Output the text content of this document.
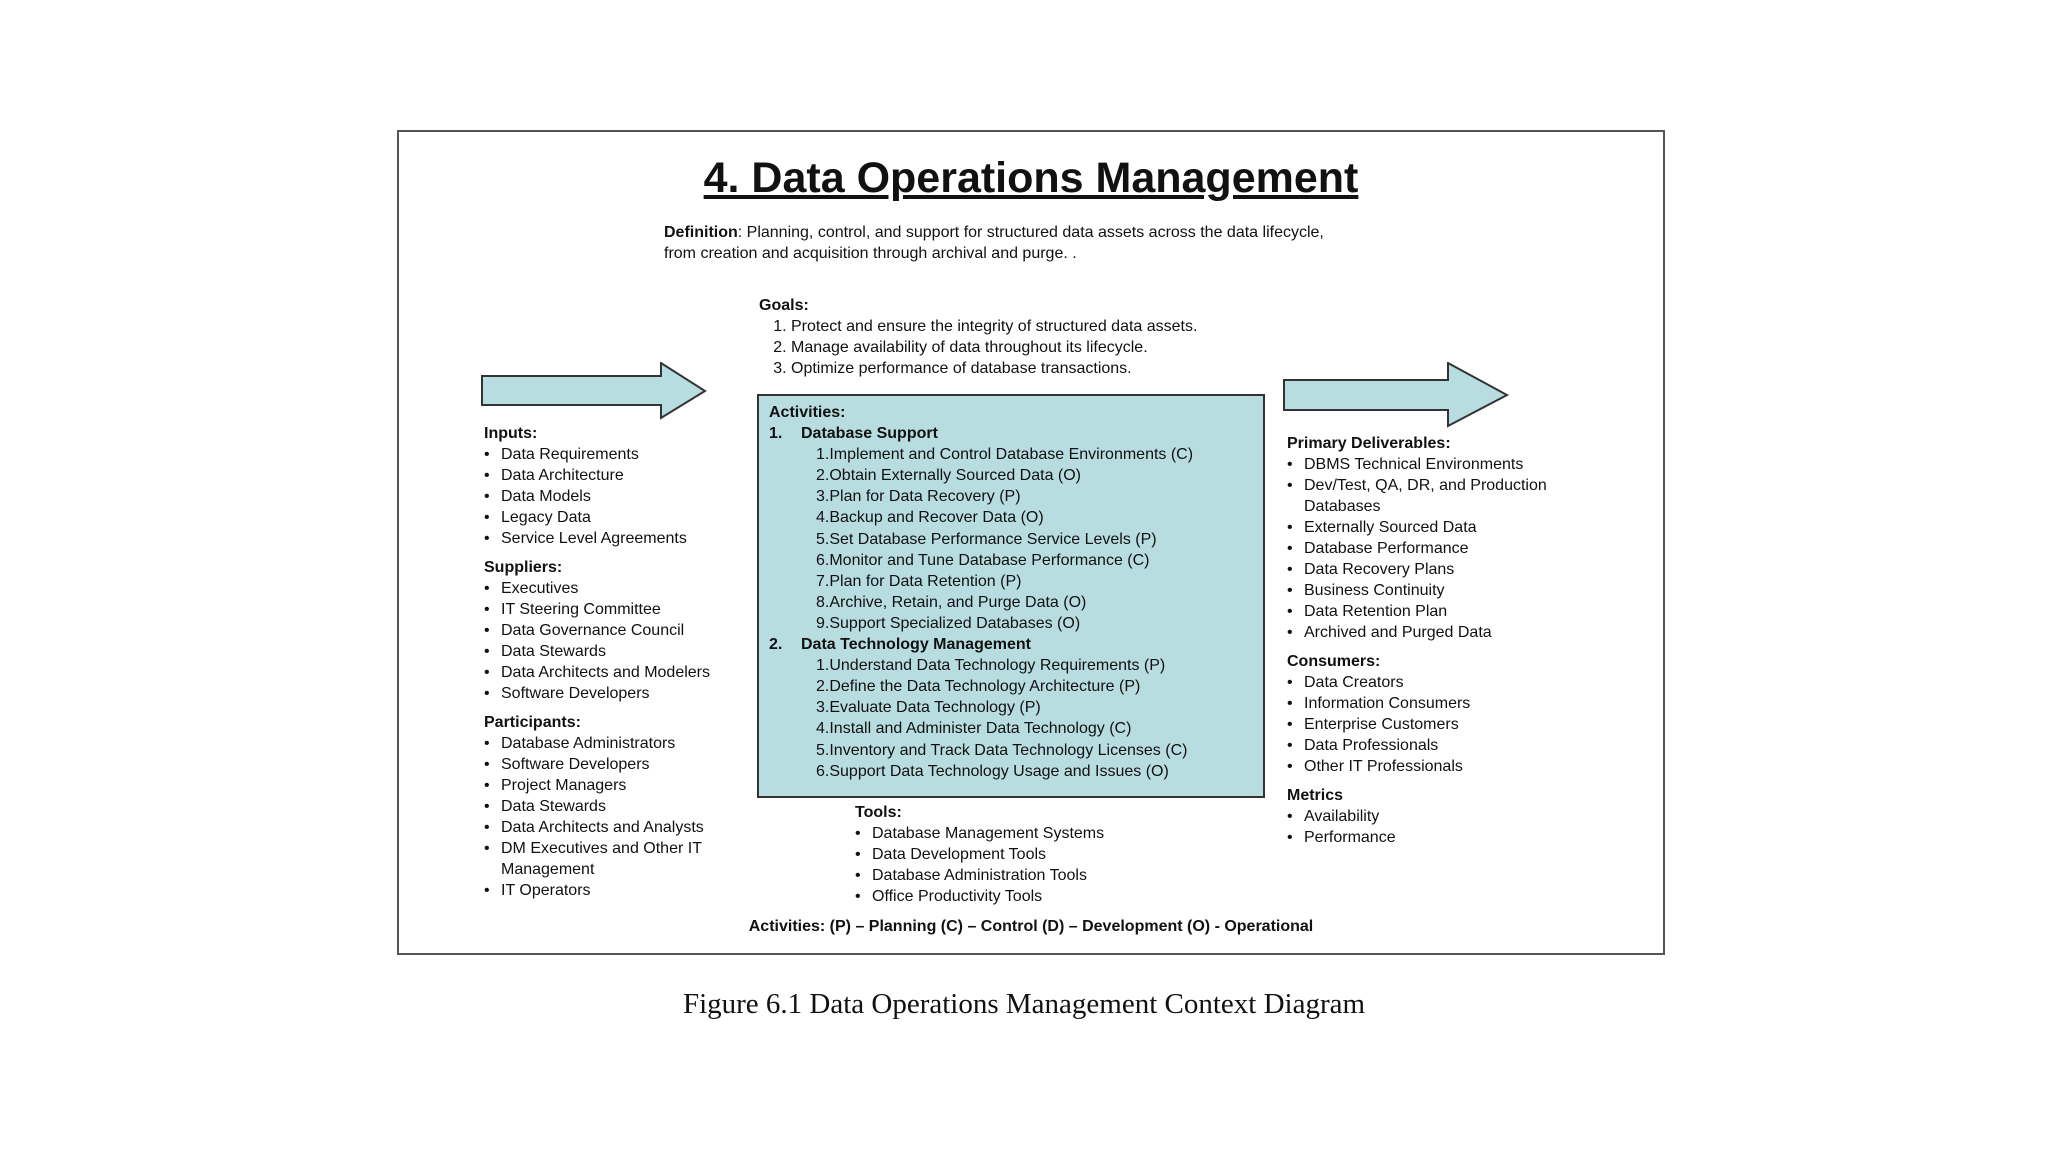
4. Data Operations Management
Definition: Planning, control, and support for structured data assets across the data lifecycle,
from creation and acquisition through archival and purge. .
Goals:
1. Protect and ensure the integrity of structured data assets.
2. Manage availability of data throughout its lifecycle.
3. Optimize performance of database transactions.
Inputs:
• Data Requirements
• Data Architecture
• Data Models
• Legacy Data
• Service Level Agreements
Suppliers:
• Executives
• IT Steering Committee
• Data Governance Council
• Data Stewards
• Data Architects and Modelers
• Software Developers
Participants:
• Database Administrators
• Software Developers
• Project Managers
• Data Stewards
• Data Architects and Analysts
• DM Executives and Other IT Management
• IT Operators
Activities:
1. Database Support
1.Implement and Control Database Environments (C)
2.Obtain Externally Sourced Data (O)
3.Plan for Data Recovery (P)
4.Backup and Recover Data (O)
5.Set Database Performance Service Levels (P)
6.Monitor and Tune Database Performance (C)
7.Plan for Data Retention (P)
8.Archive, Retain, and Purge Data (O)
9.Support Specialized Databases (O)
2. Data Technology Management
1.Understand Data Technology Requirements (P)
2.Define the Data Technology Architecture (P)
3.Evaluate Data Technology (P)
4.Install and Administer Data Technology (C)
5.Inventory and Track Data Technology Licenses (C)
6.Support Data Technology Usage and Issues (O)
Tools:
• Database Management Systems
• Data Development Tools
• Database Administration Tools
• Office Productivity Tools
Primary Deliverables:
• DBMS Technical Environments
• Dev/Test, QA, DR, and Production Databases
• Externally Sourced Data
• Database Performance
• Data Recovery Plans
• Business Continuity
• Data Retention Plan
• Archived and Purged Data
Consumers:
• Data Creators
• Information Consumers
• Enterprise Customers
• Data Professionals
• Other IT Professionals
Metrics
• Availability
• Performance
Activities: (P) – Planning (C) – Control (D) – Development (O) - Operational
Figure 6.1 Data Operations Management Context Diagram
